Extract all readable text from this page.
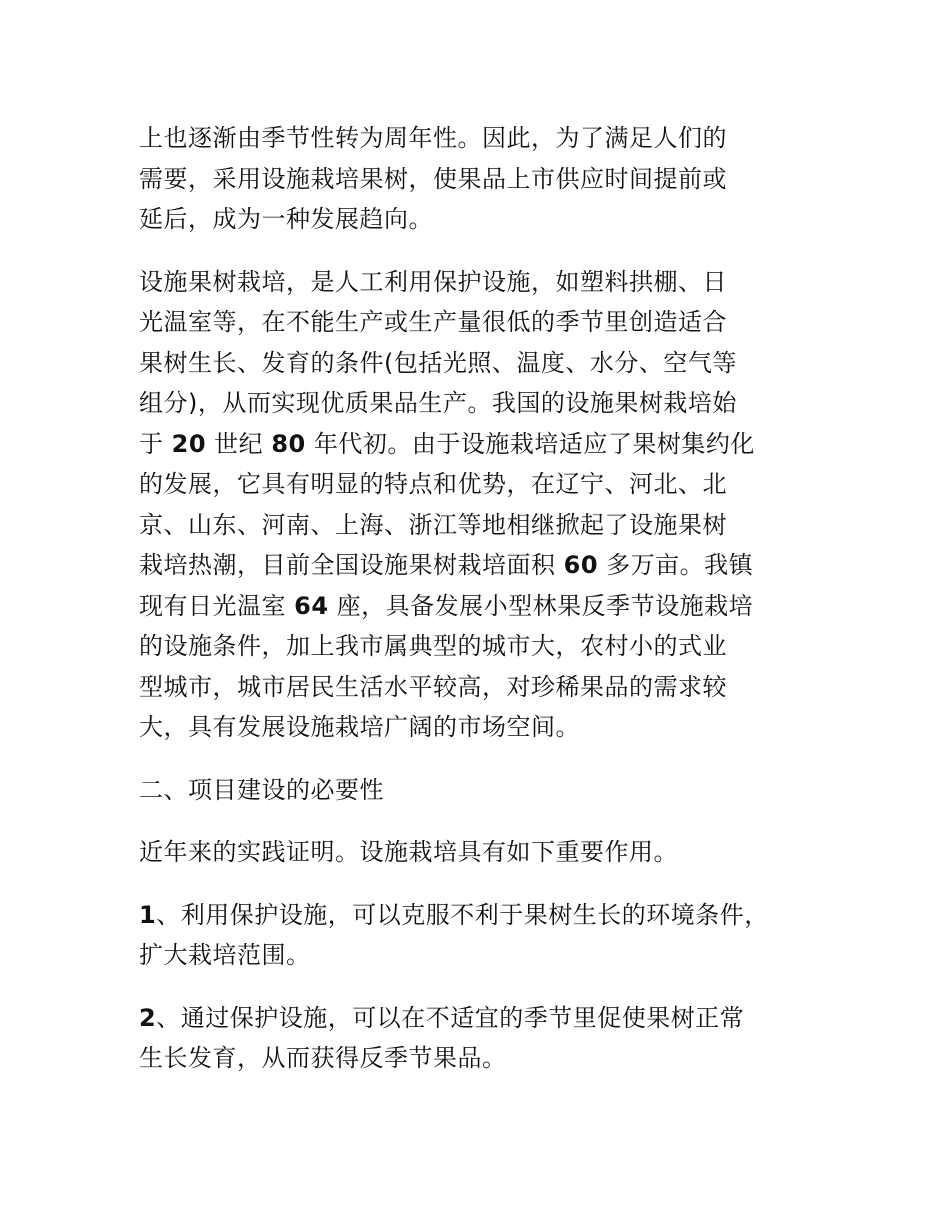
上也逐渐由季节性转为周年性。因此，为了满足人们的
需要，采用设施栽培果树，使果品上市供应时间提前或
延后，成为一种发展趋向。

设施果树栽培，是人工利用保护设施，如塑料拱棚、日
光温室等，在不能生产或生产量很低的季节里创造适合
果树生长、发育的条件(包括光照、温度、水分、空气等
组分)，从而实现优质果品生产。我国的设施果树栽培始
于 20 世纪 80 年代初。由于设施栽培适应了果树集约化
的发展，它具有明显的特点和优势，在辽宁、河北、北
京、山东、河南、上海、浙江等地相继掀起了设施果树
栽培热潮，目前全国设施果树栽培面积 60 多万亩。我镇
现有日光温室 64 座，具备发展小型林果反季节设施栽培
的设施条件，加上我市属典型的城市大，农村小的式业
型城市，城市居民生活水平较高，对珍稀果品的需求较
大，具有发展设施栽培广阔的市场空间。

二、项目建设的必要性

近年来的实践证明。设施栽培具有如下重要作用。

1、利用保护设施，可以克服不利于果树生长的环境条件，
扩大栽培范围。

2、通过保护设施，可以在不适宜的季节里促使果树正常
生长发育，从而获得反季节果品。
